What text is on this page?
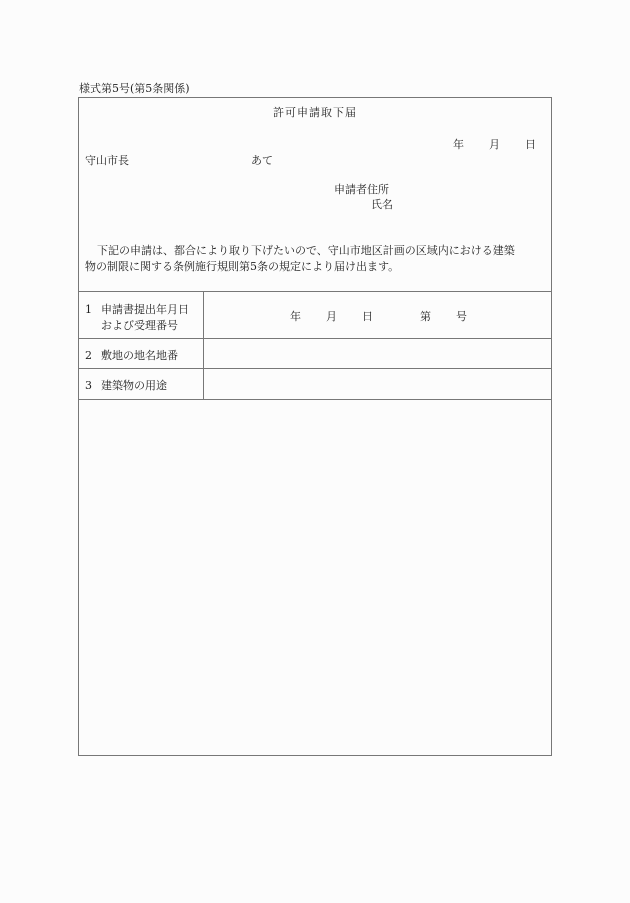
様式第5号(第5条関係)
許可申請取下届
年 月 日
守山市長	あて
申請者住所
氏名
下記の申請は、都合により取り下げたいので、守山市地区計画の区域内における建築
物の制限に関する条例施行規則第5条の規定により届け出ます。
1 申請書提出年月日
および受理番号
年 月 日	第 号
2 敷地の地名地番
3 建築物の用途
